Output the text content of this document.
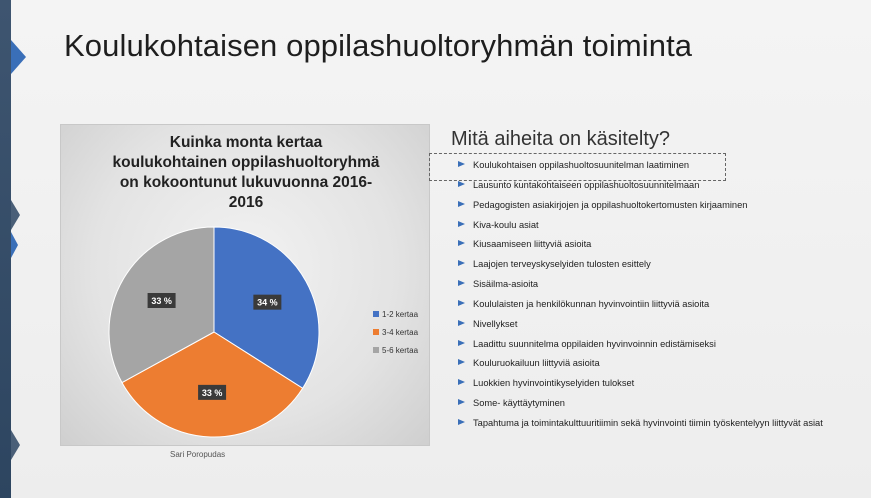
Koulukohtaisen oppilashuoltoryhmän toiminta
Kuinka monta kertaa
koulukohtainen oppilashuoltoryhmä
on kokoontunut lukuvuonna 2016-
2016
34 %
33 %
33 %
1-2 kertaa
3-4 kertaa
5-6 kertaa
Sari Poropudas
Mitä aiheita on käsitelty?
Koulukohtaisen oppilashuoltosuunitelman laatiminen
Lausunto kuntakohtaiseen oppilashuoltosuunnitelmaan
Pedagogisten asiakirjojen ja oppilashuoltokertomusten kirjaaminen
Kiva-koulu asiat
Kiusaamiseen liittyviä asioita
Laajojen terveyskyselyiden tulosten esittely
Sisäilma-asioita
Koululaisten ja henkilökunnan hyvinvointiin liittyviä asioita
Nivellykset
Laadittu suunnitelma oppilaiden hyvinvoinnin edistämiseksi
Kouluruokailuun liittyviä asioita
Luokkien hyvinvointikyselyiden tulokset
Some- käyttäytyminen
Tapahtuma ja toimintakulttuuritiimin sekä hyvinvointi tiimin työskentelyyn liittyvät asiat
